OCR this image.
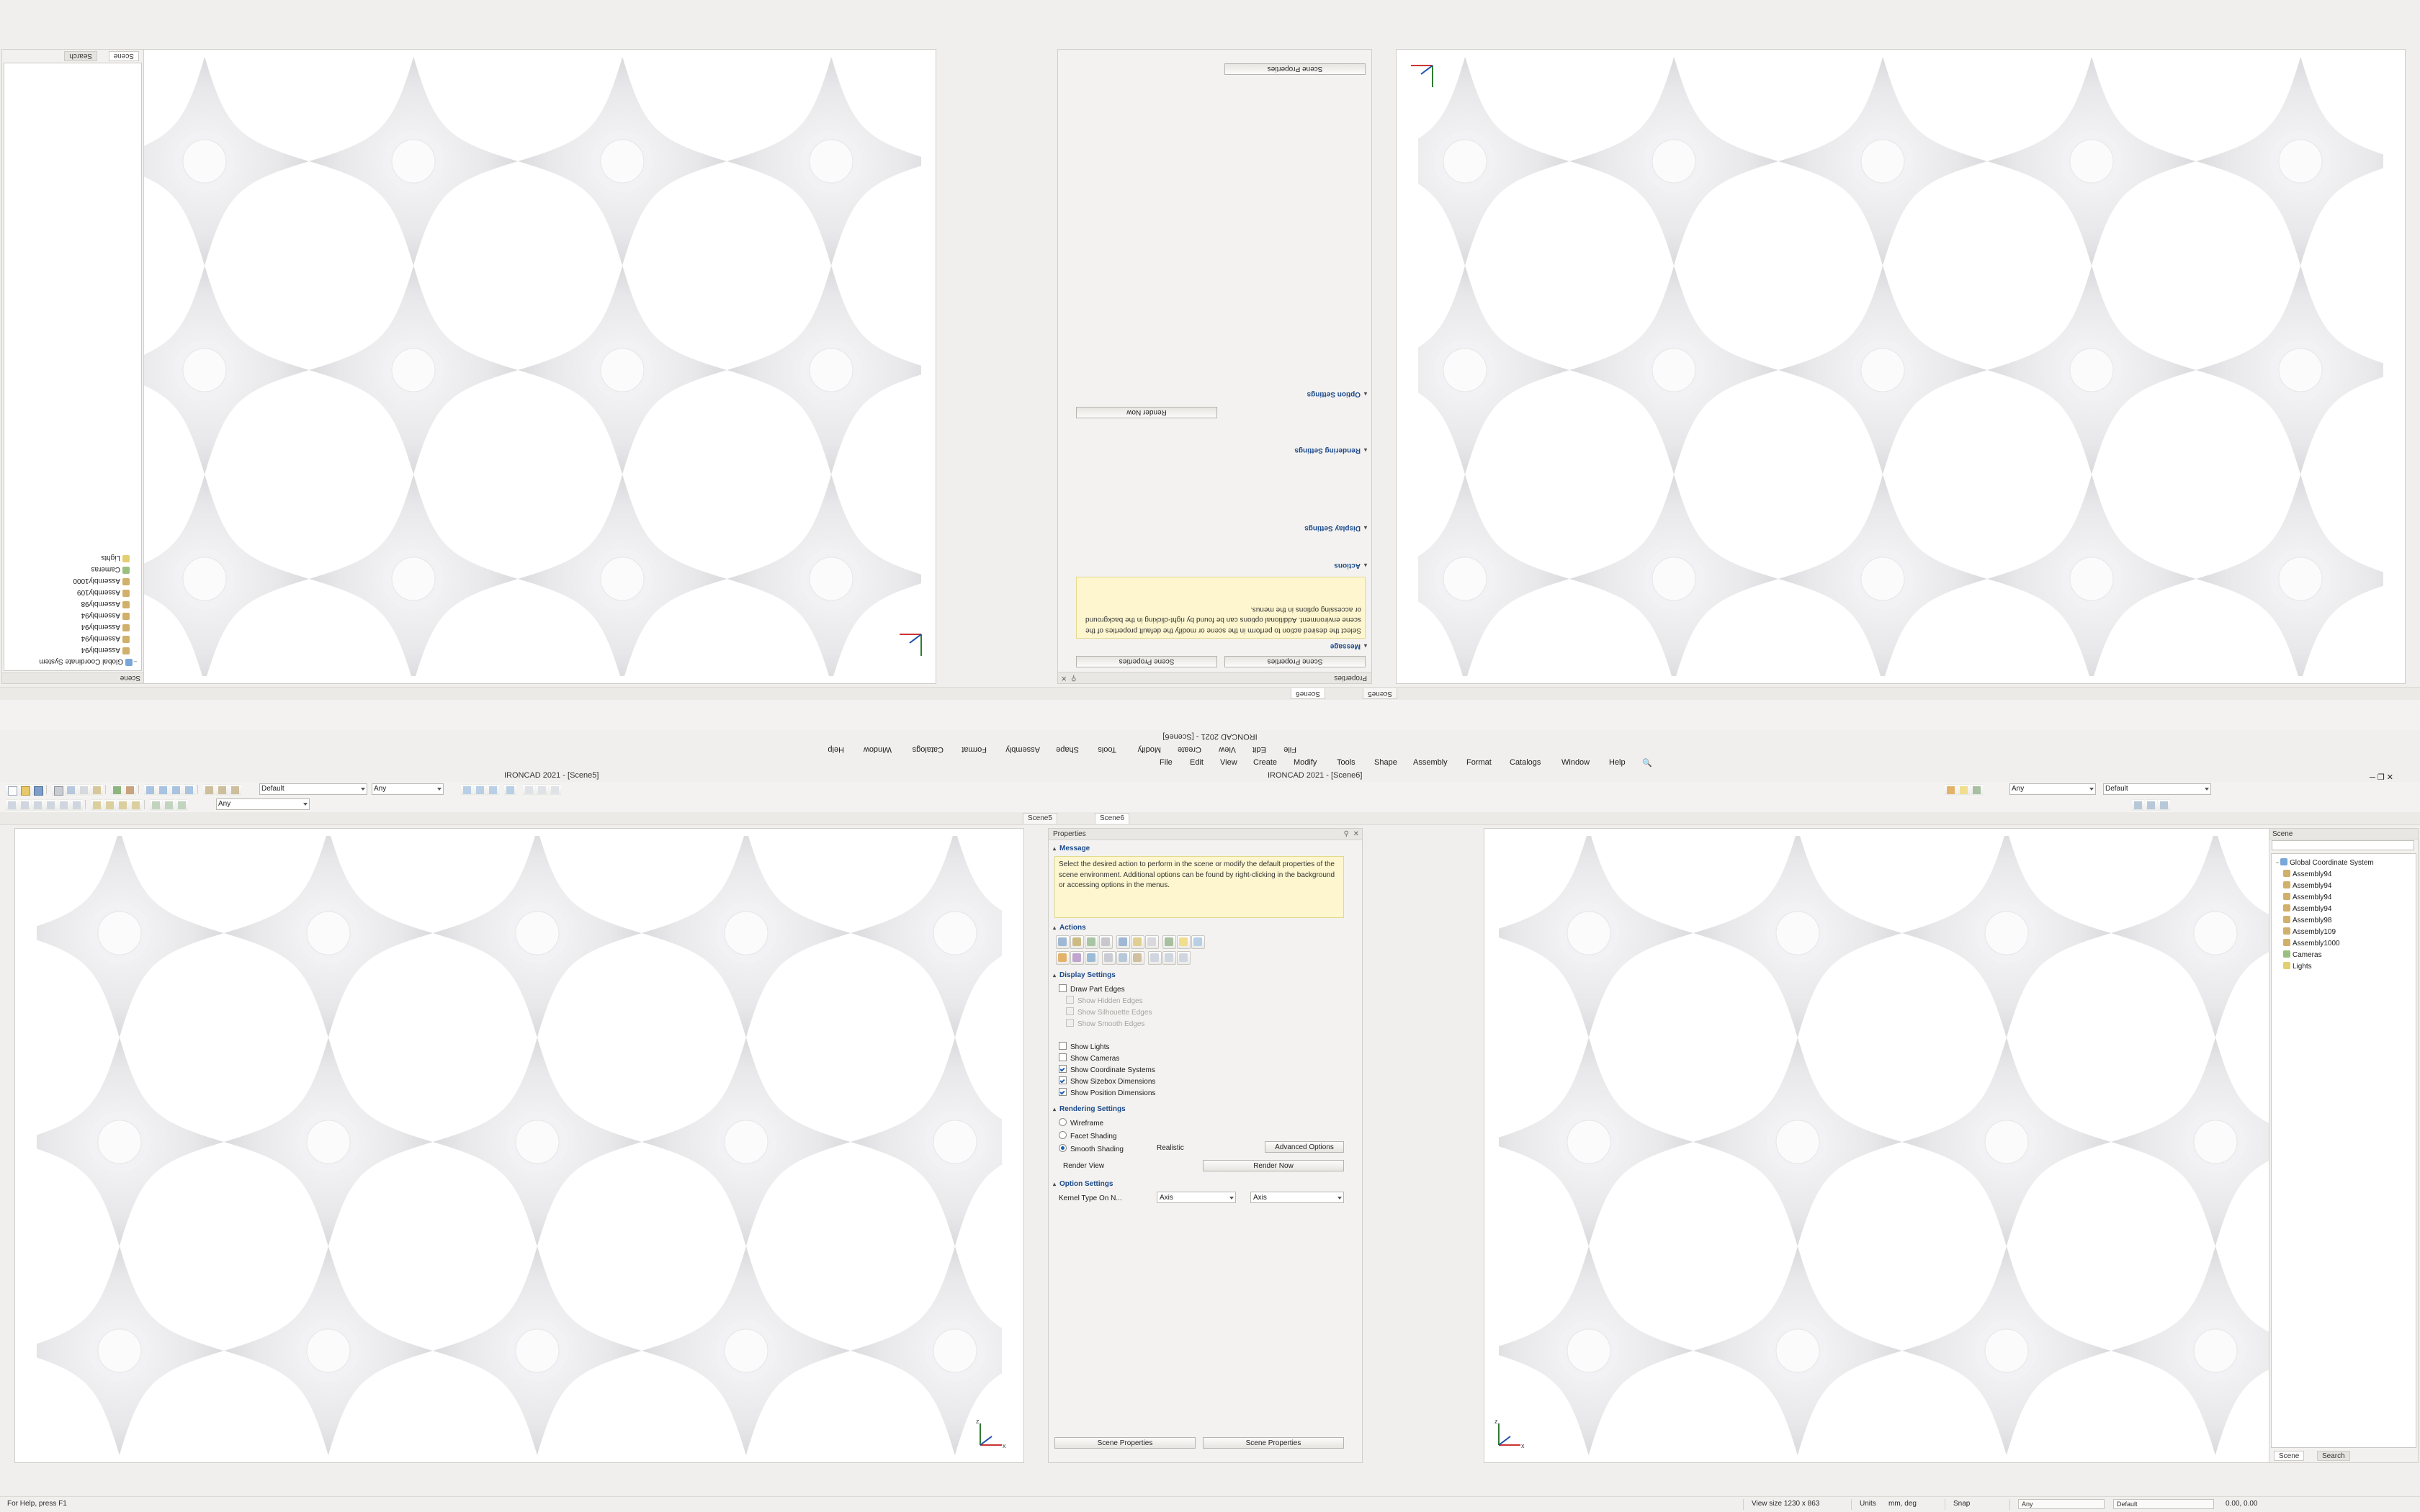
File
Edit
View
Create
Modify
Tools
Shape
Assembly
Format
Catalogs
Window
Help
IRONCAD 2021 - [Scene6]
Scene5
Scene6
Scene
−Global Coordinate System
Assembly94
Assembly94
Assembly94
Assembly94
Assembly98
Assembly109
Assembly1000
Cameras
Lights
Scene
Search
Properties
⚲
✕
Scene Properties
Scene Properties
▴Message
Select the desired action to perform in the scene or modify the default properties of the scene environment. Additional options can be found by right-clicking in the background or accessing options in the menus.
▴Actions
▴Display Settings
▴Rendering Settings
▴Option Settings
Render Now
Scene Properties
File Edit View Create Modify	Tools Shape Assembly Format Catalogs	Window Help 🔍
IRONCAD 2021 - [Scene5]	IRONCAD 2021 - [Scene6]	─ ❐ ✕
Default	Any	Any	Default
Any
Scene5	Scene6
x
z
x
z
Properties	⚲ ✕
▴ Message
Select the desired action to perform in the scene or modify the default properties of the scene environment. Additional options can be found by right-clicking in the background or accessing options in the menus.
▴ Actions
▴ Display Settings
Draw Part Edges
Show Hidden Edges
Show Silhouette Edges
Show Smooth Edges
Show Lights
Show Cameras
Show Coordinate Systems
Show Sizebox Dimensions
Show Position Dimensions
▴ Rendering Settings
Wireframe
Facet Shading
Smooth Shading	Realistic	Advanced Options
Render Now
Render View
▴ Option Settings
Kernel Type On N...	Axis	Axis
Scene Properties	Scene Properties
Scene
− Global Coordinate System
Assembly94
Assembly94
Assembly94
Assembly94
Assembly98
Assembly109
Assembly1000
Cameras
Lights
Scene	Search
For Help, press F1	View size 1230 x 863	Units mm, deg	Snap	Any	Default	0.00, 0.00
